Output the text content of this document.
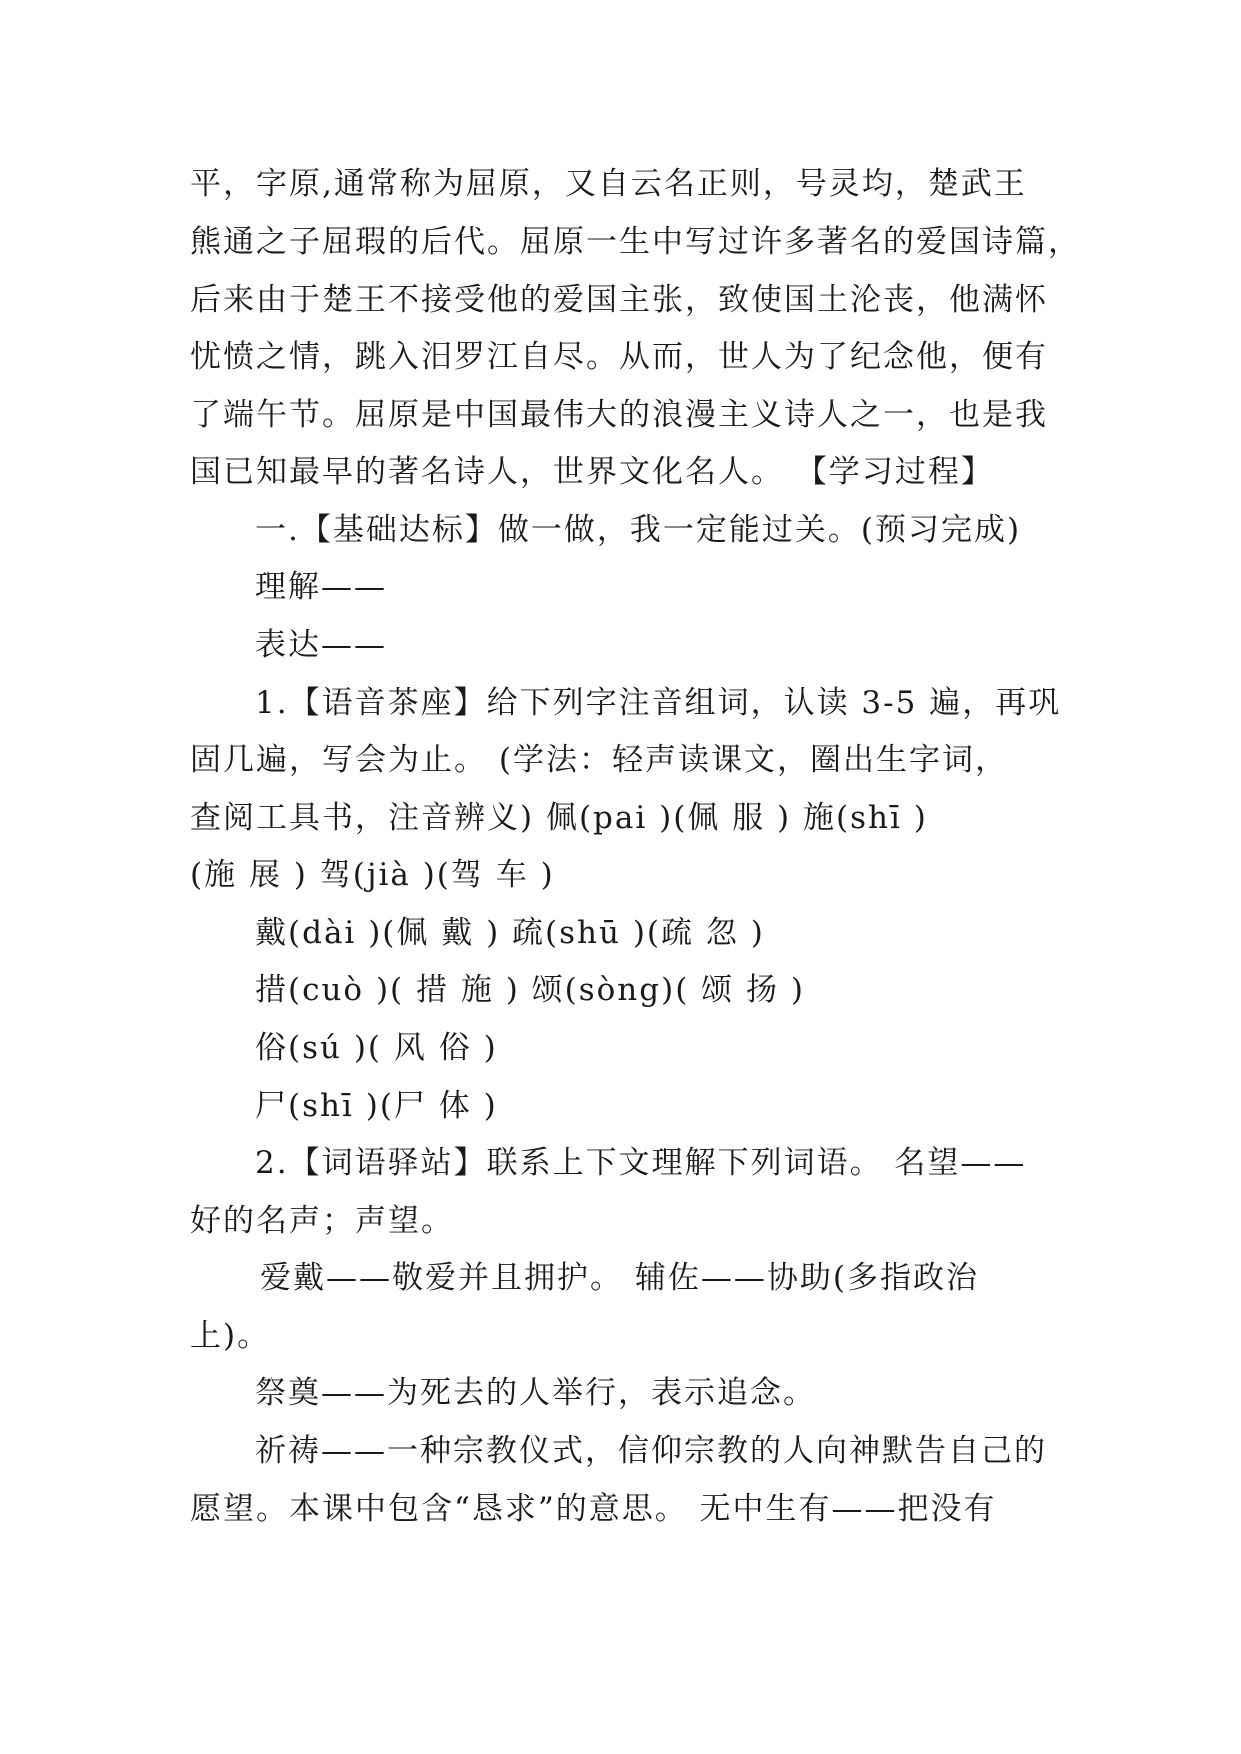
平，字原,通常称为屈原，又自云名正则，号灵均，楚武王
熊通之子屈瑕的后代。屈原一生中写过许多著名的爱国诗篇，
后来由于楚王不接受他的爱国主张，致使国土沦丧，他满怀
忧愤之情，跳入汨罗江自尽。从而，世人为了纪念他，便有
了端午节。屈原是中国最伟大的浪漫主义诗人之一，也是我
国已知最早的著名诗人，世界文化名人。 【学习过程】
一.【基础达标】做一做，我一定能过关。(预习完成)
理解——
表达——
1.【语音茶座】给下列字注音组词，认读 3-5 遍，再巩
固几遍，写会为止。 (学法：轻声读课文，圈出生字词，
查阅工具书，注音辨义) 佩(pai )(佩 服 ) 施(shī )
(施 展 ) 驾(jià )(驾 车 )
戴(dài )(佩 戴 ) 疏(shū )(疏 忽 )
措(cuò )( 措 施 ) 颂(sòng)( 颂 扬 )
俗(sú )( 风 俗 )
尸(shī )(尸 体 )
2.【词语驿站】联系上下文理解下列词语。 名望——
好的名声；声望。
爱戴——敬爱并且拥护。 辅佐——协助(多指政治
上)。
祭奠——为死去的人举行，表示追念。
祈祷——一种宗教仪式，信仰宗教的人向神默告自己的
愿望。本课中包含“恳求”的意思。 无中生有——把没有
